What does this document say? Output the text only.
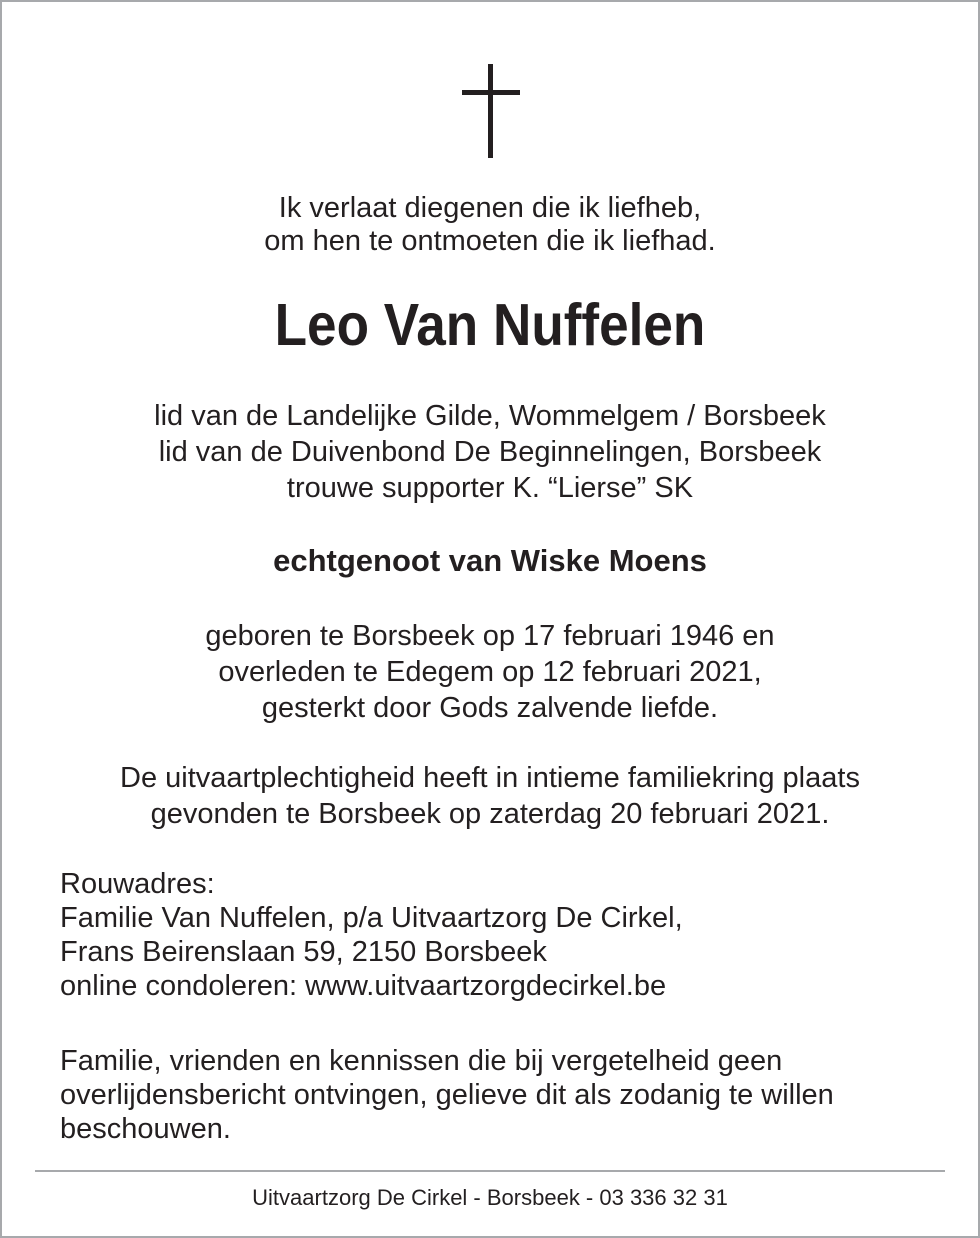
Ik verlaat diegenen die ik liefheb,
om hen te ontmoeten die ik liefhad.
Leo Van Nuffelen
lid van de Landelijke Gilde, Wommelgem / Borsbeek
lid van de Duivenbond De Beginnelingen, Borsbeek
trouwe supporter K. “Lierse” SK
echtgenoot van Wiske Moens
geboren te Borsbeek op 17 februari 1946 en
overleden te Edegem op 12 februari 2021,
gesterkt door Gods zalvende liefde.
De uitvaartplechtigheid heeft in intieme familiekring plaats
gevonden te Borsbeek op zaterdag 20 februari 2021.
Rouwadres:
Familie Van Nuffelen, p/a Uitvaartzorg De Cirkel,
Frans Beirenslaan 59, 2150 Borsbeek
online condoleren: www.uitvaartzorgdecirkel.be
Familie, vrienden en kennissen die bij vergetelheid geen
overlijdensbericht ontvingen, gelieve dit als zodanig te willen
beschouwen.
Uitvaartzorg De Cirkel - Borsbeek - 03 336 32 31
